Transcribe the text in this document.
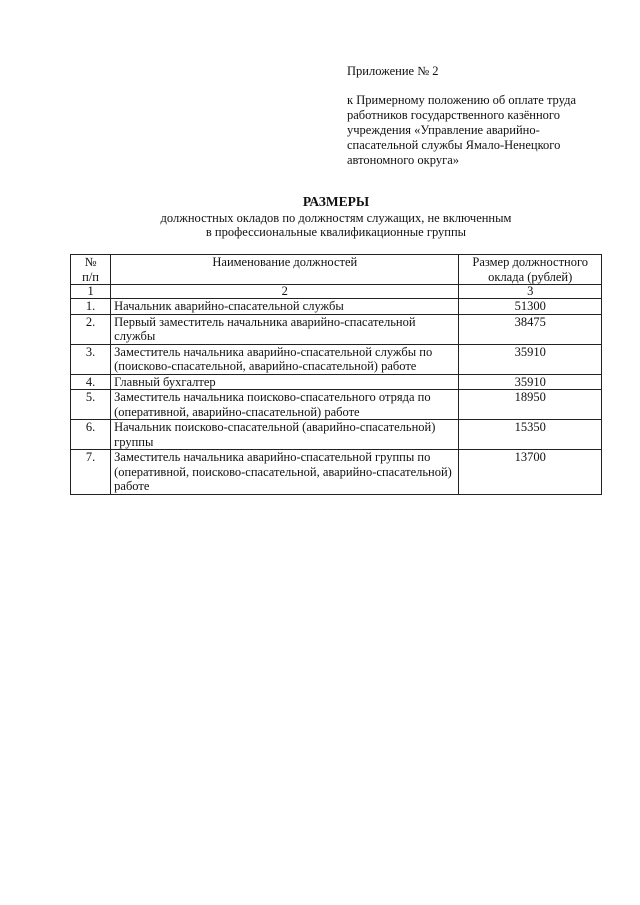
Приложение № 2

к Примерному положению об оплате труда
работников государственного казённого
учреждения «Управление аварийно-
спасательной службы Ямало-Ненецкого
автономного округа»

РАЗМЕРЫ
должностных окладов по должностям служащих, не включенным
в профессиональные квалификационные группы
№
п/п	Наименование должностей	Размер должностного
оклада (рублей)
1	2	3
1.	Начальник аварийно-спасательной службы	51300
2.	Первый заместитель начальника аварийно-спасательной службы	38475
3.	Заместитель начальника аварийно-спасательной службы по (поисково-спасательной, аварийно-спасательной) работе	35910
4.	Главный бухгалтер	35910
5.	Заместитель начальника поисково-спасательного отряда по (оперативной, аварийно-спасательной) работе	18950
6.	Начальник поисково-спасательной (аварийно-спасательной) группы	15350
7.	Заместитель начальника аварийно-спасательной группы по (оперативной, поисково-спасательной, аварийно-спасательной) работе	13700
